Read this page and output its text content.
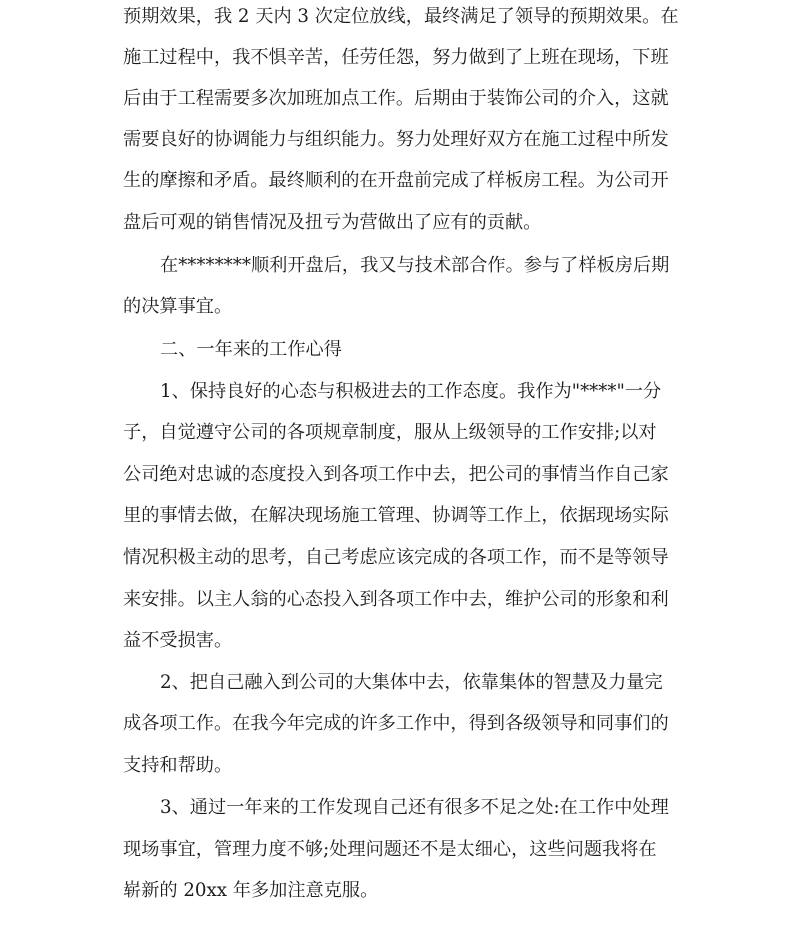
预期效果，我 2 天内 3 次定位放线，最终满足了领导的预期效果。在
施工过程中，我不惧辛苦，任劳任怨，努力做到了上班在现场，下班
后由于工程需要多次加班加点工作。后期由于装饰公司的介入，这就
需要良好的协调能力与组织能力。努力处理好双方在施工过程中所发
生的摩擦和矛盾。最终顺利的在开盘前完成了样板房工程。为公司开
盘后可观的销售情况及扭亏为营做出了应有的贡献。
在********顺利开盘后，我又与技术部合作。参与了样板房后期
的决算事宜。
二、一年来的工作心得
1、保持良好的心态与积极进去的工作态度。我作为"****"一分
子，自觉遵守公司的各项规章制度，服从上级领导的工作安排;以对
公司绝对忠诚的态度投入到各项工作中去，把公司的事情当作自己家
里的事情去做，在解决现场施工管理、协调等工作上，依据现场实际
情况积极主动的思考，自己考虑应该完成的各项工作，而不是等领导
来安排。以主人翁的心态投入到各项工作中去，维护公司的形象和利
益不受损害。
2、把自己融入到公司的大集体中去，依靠集体的智慧及力量完
成各项工作。在我今年完成的许多工作中，得到各级领导和同事们的
支持和帮助。
3、通过一年来的工作发现自己还有很多不足之处:在工作中处理
现场事宜，管理力度不够;处理问题还不是太细心，这些问题我将在
崭新的 20xx 年多加注意克服。
